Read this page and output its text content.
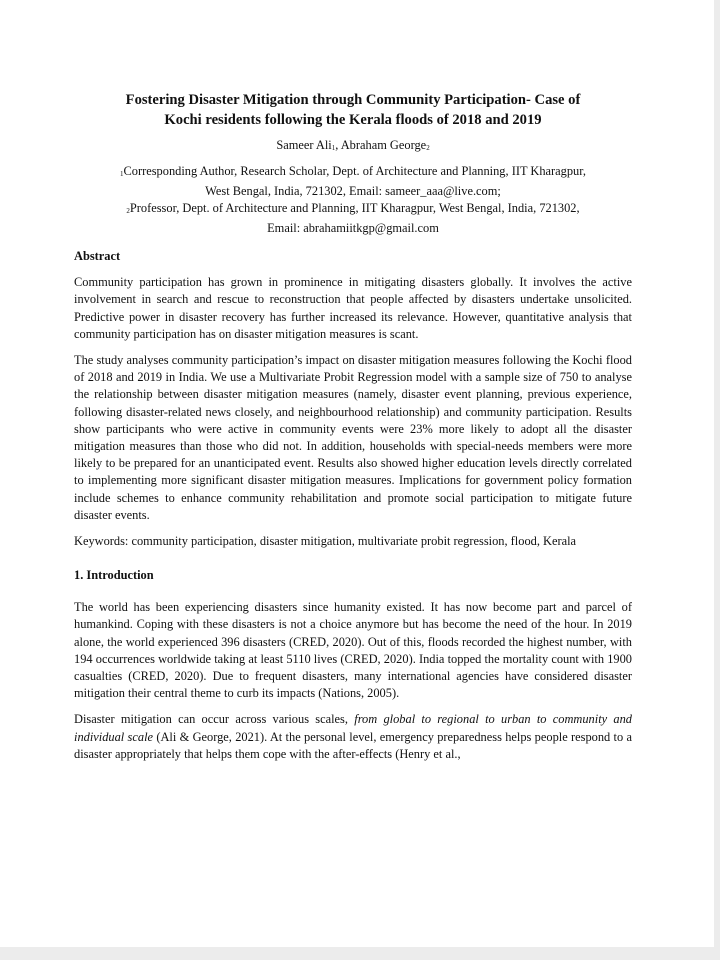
Fostering Disaster Mitigation through Community Participation- Case of
Kochi residents following the Kerala floods of 2018 and 2019
Sameer Ali$_1$, Abraham George$_2$
$_1$Corresponding Author, Research Scholar, Dept. of Architecture and Planning, IIT Kharagpur,
West Bengal, India, 721302, Email: sameer_aaa@live.com;
$_2$Professor, Dept. of Architecture and Planning, IIT Kharagpur, West Bengal, India, 721302,
Email: abrahamiitkgp@gmail.com
Abstract

Community participation has grown in prominence in mitigating disasters globally. It involves the active involvement in search and rescue to reconstruction that people affected by disasters undertake unsolicited. Predictive power in disaster recovery has further increased its relevance. However, quantitative analysis that community participation has on disaster mitigation measures is scant.

The study analyses community participation’s impact on disaster mitigation measures following the Kochi flood of 2018 and 2019 in India. We use a Multivariate Probit Regression model with a sample size of 750 to analyse the relationship between disaster mitigation measures (namely, disaster event planning, previous experience, following disaster-related news closely, and neighbourhood relationship) and community participation. Results show participants who were active in community events were 23% more likely to adopt all the disaster mitigation measures than those who did not. In addition, households with special-needs members were more likely to be prepared for an unanticipated event. Results also showed higher education levels directly correlated to implementing more significant disaster mitigation measures. Implications for government policy formation include schemes to enhance community rehabilitation and promote social participation to mitigate future disaster events.

Keywords: community participation, disaster mitigation, multivariate probit regression, flood, Kerala

1. Introduction

The world has been experiencing disasters since humanity existed. It has now become part and parcel of humankind. Coping with these disasters is not a choice anymore but has become the need of the hour. In 2019 alone, the world experienced 396 disasters (CRED, 2020). Out of this, floods recorded the highest number, with 194 occurrences worldwide taking at least 5110 lives (CRED, 2020). India topped the mortality count with 1900 casualties (CRED, 2020). Due to frequent disasters, many international agencies have considered disaster mitigation their central theme to curb its impacts (Nations, 2005).

Disaster mitigation can occur across various scales, from global to regional to urban to community and individual scale (Ali & George, 2021). At the personal level, emergency preparedness helps people respond to a disaster appropriately that helps them cope with the after-effects (Henry et al.,
